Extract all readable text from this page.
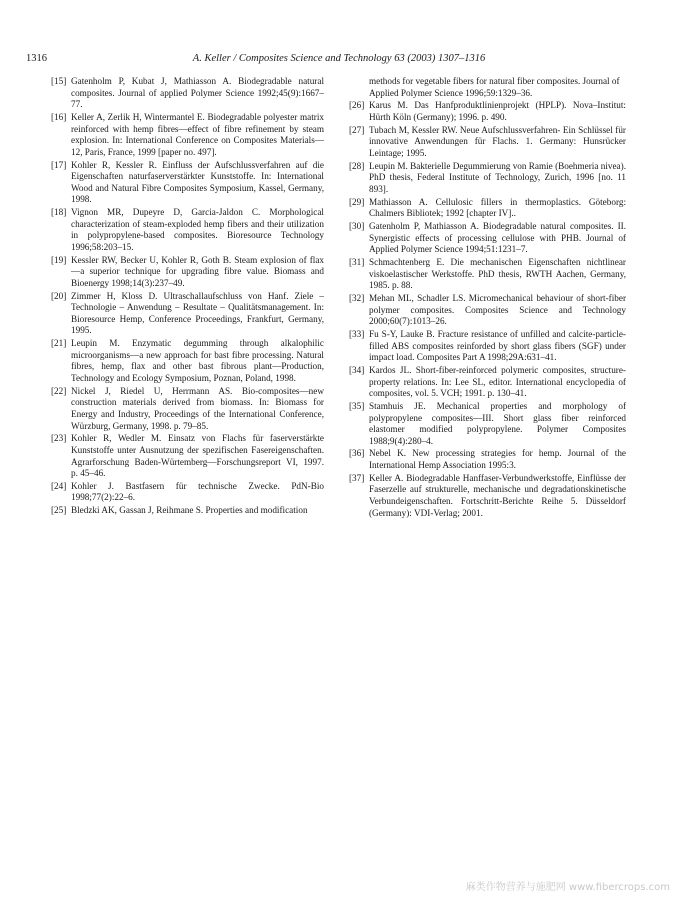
1316	A. Keller / Composites Science and Technology 63 (2003) 1307–1316
[15] Gatenholm P, Kubat J, Mathiasson A. Biodegradable natural composites. Journal of applied Polymer Science 1992;45(9):1667–77.
[16] Keller A, Zerlik H, Wintermantel E. Biodegradable polyester matrix reinforced with hemp fibres—effect of fibre refinement by steam explosion. In: International Conference on Composites Materials—12, Paris, France, 1999 [paper no. 497].
[17] Kohler R, Kessler R. Einfluss der Aufschlussverfahren auf die Eigenschaften naturfaserverstärkter Kunststoffe. In: International Wood and Natural Fibre Composites Symposium, Kassel, Germany, 1998.
[18] Vignon MR, Dupeyre D, Garcia-Jaldon C. Morphological characterization of steam-exploded hemp fibers and their utilization in polypropylene-based composites. Bioresource Technology 1996;58:203–15.
[19] Kessler RW, Becker U, Kohler R, Goth B. Steam explosion of flax—a superior technique for upgrading fibre value. Biomass and Bioenergy 1998;14(3):237–49.
[20] Zimmer H, Kloss D. Ultraschallaufschluss von Hanf. Ziele – Technologie – Anwendung – Resultate – Qualitätsmanagement. In: Bioresource Hemp, Conference Proceedings, Frankfurt, Germany, 1995.
[21] Leupin M. Enzymatic degumming through alkalophilic microorganisms—a new approach for bast fibre processing. Natural fibres, hemp, flax and other bast fibrous plant—Production, Technology and Ecology Symposium, Poznan, Poland, 1998.
[22] Nickel J, Riedel U, Herrmann AS. Bio-composites—new construction materials derived from biomass. In: Biomass for Energy and Industry, Proceedings of the International Conference, Würzburg, Germany, 1998. p. 79–85.
[23] Kohler R, Wedler M. Einsatz von Flachs für faserverstärkte Kunststoffe unter Ausnutzung der spezifischen Fasereigenschaften. Agrarforschung Baden-Würtemberg—Forschungsreport VI, 1997. p. 45–46.
[24] Kohler J. Bastfasern für technische Zwecke. PdN-Bio 1998;77(2):22–6.
[25] Bledzki AK, Gassan J, Reihmane S. Properties and modification
methods for vegetable fibers for natural fiber composites. Journal of Applied Polymer Science 1996;59:1329–36.
[26] Karus M. Das Hanfproduktlinienprojekt (HPLP). Nova–Institut: Hürth Köln (Germany); 1996. p. 490.
[27] Tubach M, Kessler RW. Neue Aufschlussverfahren- Ein Schlüssel für innovative Anwendungen für Flachs. 1. Germany: Hunsrücker Leintage; 1995.
[28] Leupin M. Bakterielle Degummierung von Ramie (Boehmeria nivea). PhD thesis, Federal Institute of Technology, Zurich, 1996 [no. 11 893].
[29] Mathiasson A. Cellulosic fillers in thermoplastics. Göteborg: Chalmers Bibliotek; 1992 [chapter IV]..
[30] Gatenholm P, Mathiasson A. Biodegradable natural composites. II. Synergistic effects of processing cellulose with PHB. Journal of Applied Polymer Science 1994;51:1231–7.
[31] Schmachtenberg E. Die mechanischen Eigenschaften nichtlinear viskoelastischer Werkstoffe. PhD thesis, RWTH Aachen, Germany, 1985. p. 88.
[32] Mehan ML, Schadler LS. Micromechanical behaviour of short-fiber polymer composites. Composites Science and Technology 2000;60(7):1013–26.
[33] Fu S-Y, Lauke B. Fracture resistance of unfilled and calcite-particle-filled ABS composites reinforded by short glass fibers (SGF) under impact load. Composites Part A 1998;29A:631–41.
[34] Kardos JL. Short-fiber-reinforced polymeric composites, structure-property relations. In: Lee SL, editor. International encyclopedia of composites, vol. 5. VCH; 1991. p. 130–41.
[35] Stamhuis JE. Mechanical properties and morphology of polypropylene composites—III. Short glass fiber reinforced elastomer modified polypropylene. Polymer Composites 1988;9(4):280–4.
[36] Nebel K. New processing strategies for hemp. Journal of the International Hemp Association 1995:3.
[37] Keller A. Biodegradable Hanffaser-Verbundwerkstoffe, Einflüsse der Faserzelle auf strukturelle, mechanische und degradationskinetische Verbundeigenschaften. Fortschritt-Berichte Reihe 5. Düsseldorf (Germany): VDI-Verlag; 2001.
麻类作物营养与施肥网 www.fibercrops.com
